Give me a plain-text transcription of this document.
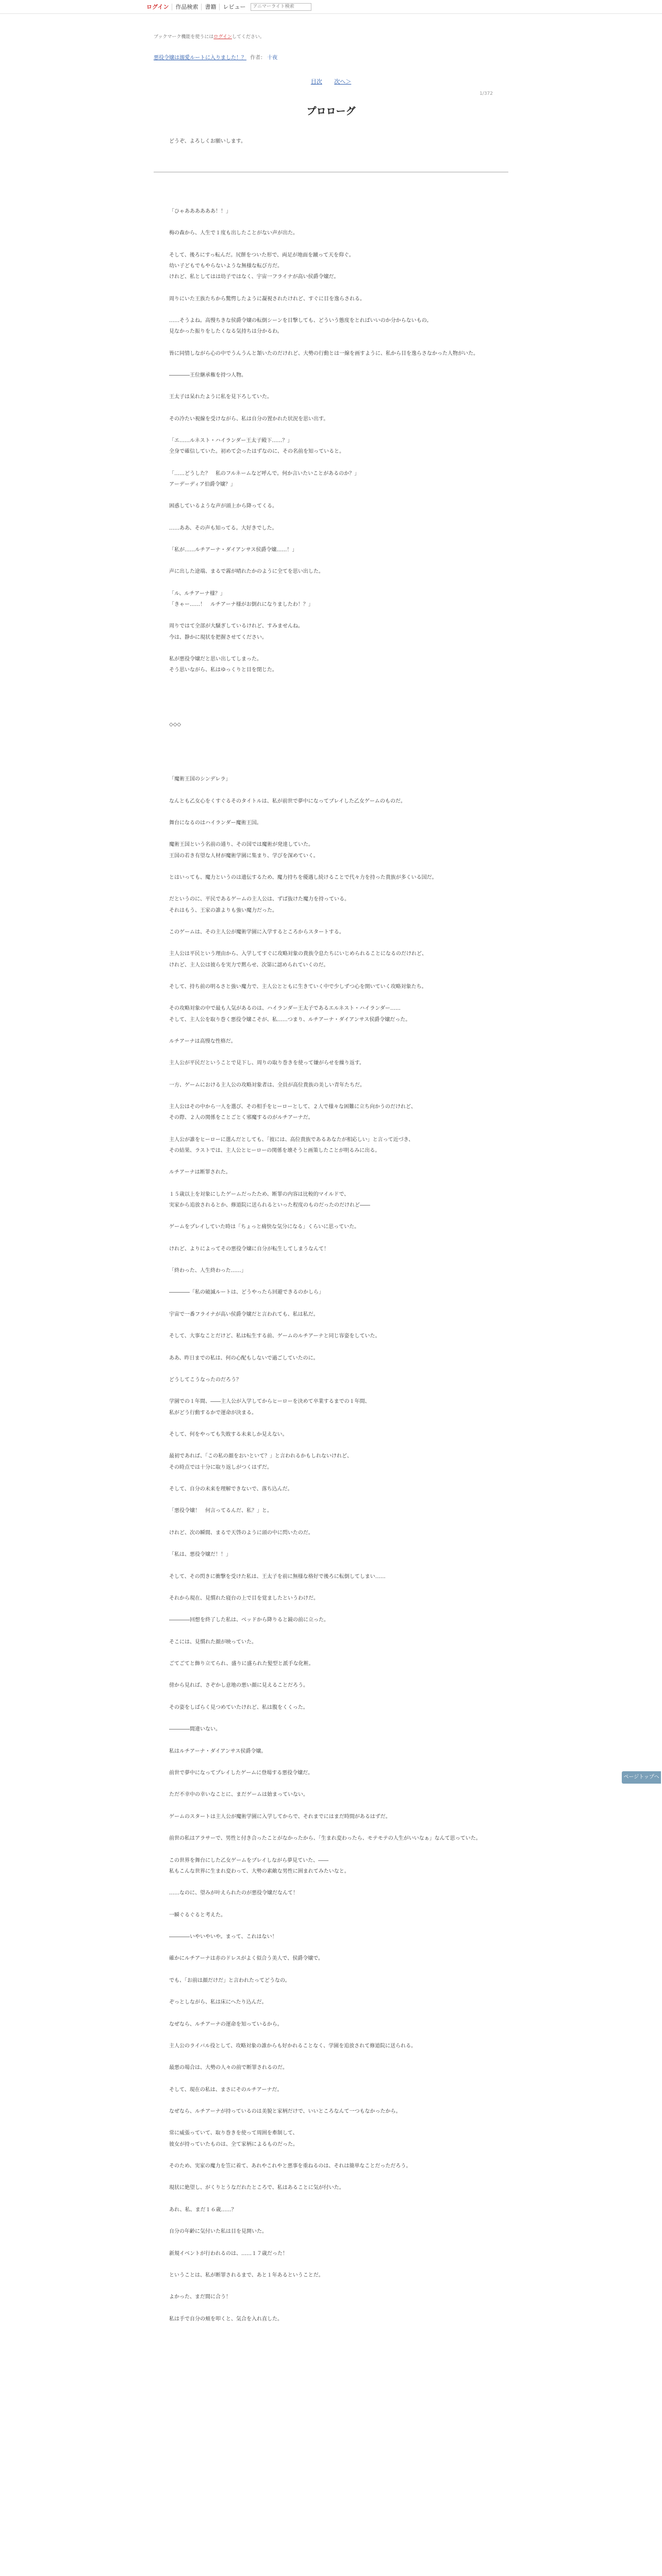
ログイン	作品検索	書籍	レビュー
アニマーライト検索
ブックマーク機能を使うにはログインしてください。
悪役令嬢は溺愛ルートに入りました！？ 作者： 十夜
目次 次へ＞
1/372
プロローグ
どうぞ、よろしくお願いします。

「ひゃああああああ！！」

梅の森から、人生で１度も出したことがない声が出た。

そして、後ろにすっ転んだ。尻餅をついた形で、両足が地面を蹴って天を仰ぐ。

幼い子どもでもやらないような無様な転び方だ。

けれど、私としてはは幼子ではなく、宇宙一フライナが高い侯爵令嬢だ。

周りにいた王族たちから驚愕したように凝視されたけれど、すぐに目を逸らされる。

……そうよね。高慢ちきな侯爵令嬢の転倒シーンを目撃しても、どういう態度をとればいいのか分からないもの。

見なかった振りをしたくなる気持ちは分かるわ。

皆に同情しながら心の中でうんうんと頷いたのだけれど、大勢の行動とは一線を画すように、私から目を逸らさなかった人物がいた。

――――王位継承権を持つ人物。

王太子は呆れたように私を見下ろしていた。

その冷たい視線を受けながら、私は自分の置かれた状況を思い出す。

「エ……ルネスト・ハイランダー王太子殿下……？」

全身で確信していた。初めて会ったはずなのに、その名前を知っていると。

「……どうした？　私のフルネームなど呼んで。何か言いたいことがあるのか？」

アーデーディア伯爵令嬢？」

困惑しているような声が頭上から降ってくる。

……ああ、その声も知ってる。大好きでした。

「私が……ルチアーナ・ダイアンサス侯爵令嬢……！」

声に出した途端、まるで霧が晴れたかのように全てを思い出した。

「ル、ルチアーナ様？」

「きゃー……！　ルチアーナ様がお倒れになりましたわ！？」

周りではて全部が大騒ぎしているけれど、すみませんね。

今は、静かに現状を把握させてください。

私が悪役令嬢だと思い出してしまった。

そう思いながら、私はゆっくりと目を閉じた。

◇◇◇

「魔術王国のシンデレラ」

なんとも乙女心をくすぐるそのタイトルは、私が前世で夢中になってプレイした乙女ゲームのものだ。

舞台になるのはハイランダー魔術王国。

魔術王国という名前の通り、その国では魔術が発達していた。

王国の若き有望な人材が魔術学園に集まり、学びを深めていく。

とはいっても、魔力というのは遺伝するため、魔力持ちを優遇し続けることで代々力を持った貴族が多くいる国だ。

だというのに、平民であるゲームの主人公は、ずば抜けた魔力を持っている。

それはもう、王家の誰よりも強い魔力だった。

このゲームは、その主人公が魔術学園に入学するところからスタートする。

主人公は平民という理由から、入学してすぐに攻略対象の貴族令息たちにいじめられることになるのだけれど、

けれど、主人公は彼らを実力で黙らせ、次第に認められていくのだ。

そして、持ち前の明るさと強い魔力で、主人公とともに生きていく中で少しずつ心を開いていく攻略対象たち。

その攻略対象の中で最も人気があるのは、ハイランダー王太子であるエルネスト・ハイランダー……

そして、主人公を取り巻く悪役令嬢こそが、私……つまり、ルチアーナ・ダイアンサス侯爵令嬢だった。

ルチアーナは高慢な性格だ。

主人公が平民だということで見下し、周りの取り巻きを使って嫌がらせを繰り返す。

一方、ゲームにおける主人公の攻略対象者は、全員が高位貴族の美しい青年たちだ。

主人公はその中から一人を選び、その相手をヒーローとして、２人で様々な困難に立ち向かうのだけれど、

その際、２人の関係をことごとく邪魔するのがルチアーナだ。

主人公が誰をヒーローに選んだとしても、「彼には、高位貴族であるあなたが相応しい」と言って近づき、

その結果、ラストでは、主人公とヒーローの関係を壊そうと画策したことが明るみに出る。

ルチアーナは断罪された。

１５歳以上を対象にしたゲームだったため、断罪の内容は比較的マイルドで、

実家から追放されるとか、修道院に送られるといった程度のものだったのだけれど――

ゲームをプレイしていた時は「ちょっと痛快な気分になる」くらいに思っていた。

けれど、よりによってその悪役令嬢に自分が転生してしまうなんて！

「終わった、人生終わった……」

――――「私の破滅ルートは、どうやったら回避できるのかしら」

宇宙で一番フライナが高い侯爵令嬢だと言われても、私は私だ。

そして、大事なことだけど、私は転生する前、ゲームのルチアーナと同じ容姿をしていた。

ああ、昨日までの私は、何の心配もしないで過ごしていたのに。

どうしてこうなったのだろう？

学園での１年間、――主人公が入学してからヒーローを決めて卒業するまでの１年間、

私がどう行動するかで運命が決まる。

そして、何をやっても失敗する未来しか見えない。

最初であれば、「この私の顔をおいといて？」と言われるかもしれないけれど、

その時点では十分に取り返しがつくはずだ。

そして、自分の未来を理解できないで、落ち込んだ。

「悪役令嬢！　何言ってるんだ、私？」と。

けれど、次の瞬間、まるで天啓のように頭の中に閃いたのだ。

「私は、悪役令嬢だ！！」

そして、その閃きに衝撃を受けた私は、王太子を前に無様な格好で後ろに転倒してしまい……

それから現在、見慣れた寝台の上で目を覚ましたというわけだ。

――――回想を終了した私は、ベッドから降りると鏡の前に立った。

そこには、見慣れた顔が映っていた。

ごてごてと飾り立てられ、盛りに盛られた髪型と派手な化粧。

傍から見れば、さぞかし意地の悪い顔に見えることだろう。

その姿をしばらく見つめていたけれど、私は腹をくくった。

――――間違いない。

私はルチアーナ・ダイアンサス侯爵令嬢。

前世で夢中になってプレイしたゲームに登場する悪役令嬢だ。

ただ不幸中の幸いなことに、まだゲームは始まっていない。

ゲームのスタートは主人公が魔術学園に入学してからで、それまでにはまだ時間があるはずだ。

前世の私はアラサーで、男性と付き合ったことがなかったから、「生まれ変わったら、モテモテの人生がいいなぁ」なんて思っていた。

この世界を舞台にした乙女ゲームをプレイしながら夢見ていた、――

私もこんな世界に生まれ変わって、大勢の素敵な男性に囲まれてみたいなと。

……なのに、望みが叶えられたのが悪役令嬢だなんて！

一瞬ぐるぐると考えた。

――――いやいやいや。まって、これはない！

確かにルチアーナは赤のドレスがよく似合う美人で、侯爵令嬢で。

でも、「お前は顔だけだ」と言われたってどうなの。

ぞっとしながら、私は床にへたり込んだ。

なぜなら、ルチアーナの運命を知っているから。

主人公のライバル役として、攻略対象の誰からも好かれることなく、学園を追放されて修道院に送られる。

最悪の場合は、大勢の人々の前で断罪されるのだ。

そして、現在の私は、まさにそのルチアーナだ。

なぜなら、ルチアーナが持っているのは美貌と家柄だけで、いいところなんて一つもなかったから。

常に威張っていて、取り巻きを使って周囲を牽制して、

彼女が持っていたものは、全て家柄によるものだった。

そのため、実家の魔力を笠に着て、あれやこれやと悪事を重ねるのは、それは簡単なことだっただろう。

現状に絶望し、がくりとうなだれたところで、私はあることに気が付いた。

あれ、私、まだ１６歳……？

自分の年齢に気付いた私は目を見開いた。

新規イベントが行われるのは、……１７歳だった！

ということは、私が断罪されるまで、あと１年あるということだ。

よかった、まだ間に合う！

私は手で自分の頬を叩くと、気合を入れ直した。

ページトップへ
